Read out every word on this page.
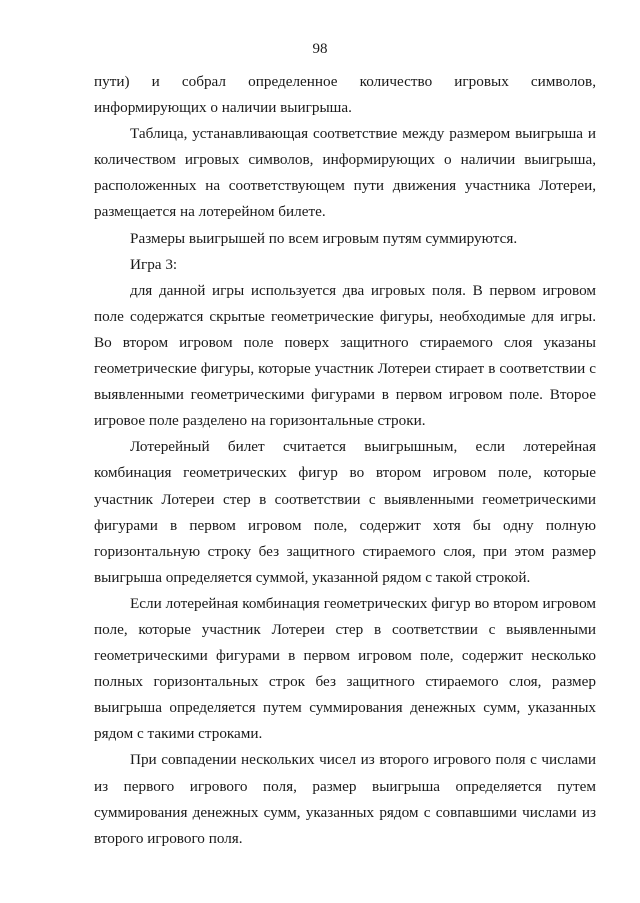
98

пути) и собрал определенное количество игровых символов, информирующих о наличии выигрыша.

Таблица, устанавливающая соответствие между размером выигрыша и количеством игровых символов, информирующих о наличии выигрыша, расположенных на соответствующем пути движения участника Лотереи, размещается на лотерейном билете.

Размеры выигрышей по всем игровым путям суммируются.

Игра 3:

для данной игры используется два игровых поля. В первом игровом поле содержатся скрытые геометрические фигуры, необходимые для игры. Во втором игровом поле поверх защитного стираемого слоя указаны геометрические фигуры, которые участник Лотереи стирает в соответствии с выявленными геометрическими фигурами в первом игровом поле. Второе игровое поле разделено на горизонтальные строки.

Лотерейный билет считается выигрышным, если лотерейная комбинация геометрических фигур во втором игровом поле, которые участник Лотереи стер в соответствии с выявленными геометрическими фигурами в первом игровом поле, содержит хотя бы одну полную горизонтальную строку без защитного стираемого слоя, при этом размер выигрыша определяется суммой, указанной рядом с такой строкой.

Если лотерейная комбинация геометрических фигур во втором игровом поле, которые участник Лотереи стер в соответствии с выявленными геометрическими фигурами в первом игровом поле, содержит несколько полных горизонтальных строк без защитного стираемого слоя, размер выигрыша определяется путем суммирования денежных сумм, указанных рядом с такими строками.

При совпадении нескольких чисел из второго игрового поля с числами из первого игрового поля, размер выигрыша определяется путем суммирования денежных сумм, указанных рядом с совпавшими числами из второго игрового поля.
